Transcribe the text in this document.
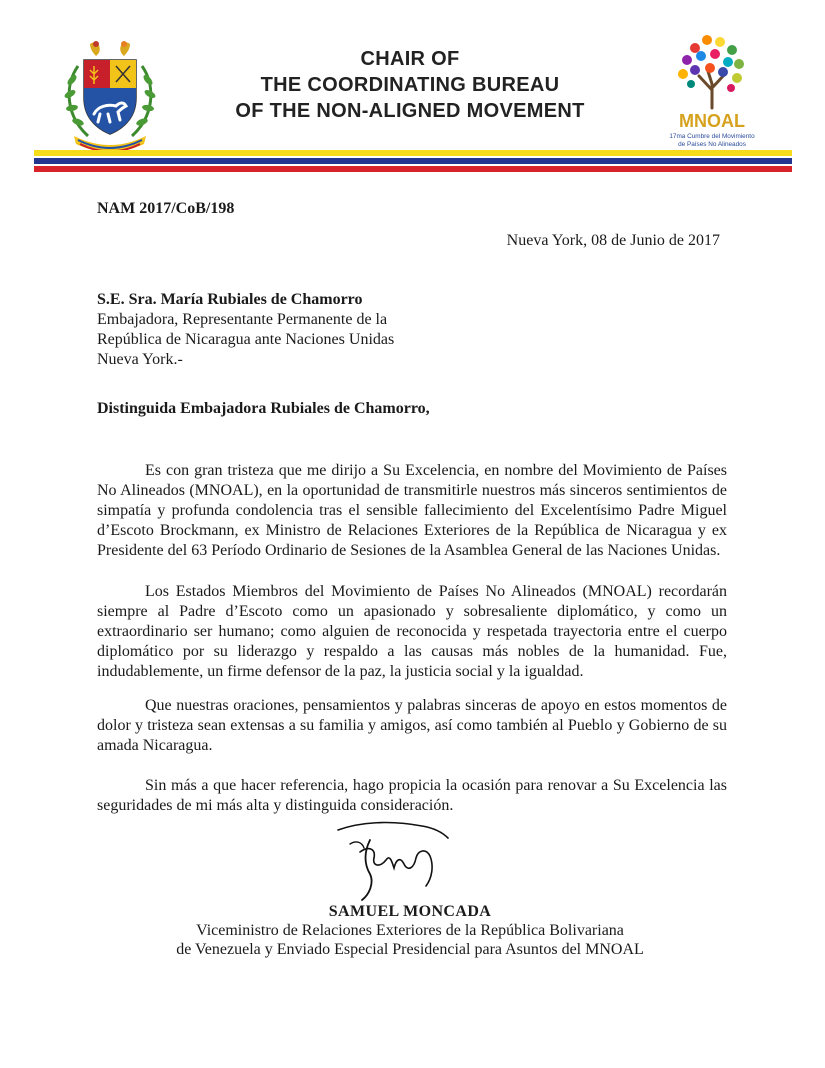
CHAIR OF
THE COORDINATING BUREAU
OF THE NON-ALIGNED MOVEMENT	MNOAL
17ma Cumbre del Movimiento
de Países No Alineados
NAM 2017/CoB/198
Nueva York, 08 de Junio de 2017
S.E. Sra. María Rubiales de Chamorro
Embajadora, Representante Permanente de la
República de Nicaragua ante Naciones Unidas
Nueva York.-
Distinguida Embajadora Rubiales de Chamorro,
Es con gran tristeza que me dirijo a Su Excelencia, en nombre del Movimiento de Países No Alineados (MNOAL), en la oportunidad de transmitirle nuestros más sinceros sentimientos de simpatía y profunda condolencia tras el sensible fallecimiento del Excelentísimo Padre Miguel d’Escoto Brockmann, ex Ministro de Relaciones Exteriores de la República de Nicaragua y ex Presidente del 63 Período Ordinario de Sesiones de la Asamblea General de las Naciones Unidas.
Los Estados Miembros del Movimiento de Países No Alineados (MNOAL) recordarán siempre al Padre d’Escoto como un apasionado y sobresaliente diplomático, y como un extraordinario ser humano; como alguien de reconocida y respetada trayectoria entre el cuerpo diplomático por su liderazgo y respaldo a las causas más nobles de la humanidad. Fue, indudablemente, un firme defensor de la paz, la justicia social y la igualdad.
Que nuestras oraciones, pensamientos y palabras sinceras de apoyo en estos momentos de dolor y tristeza sean extensas a su familia y amigos, así como también al Pueblo y Gobierno de su amada Nicaragua.
Sin más a que hacer referencia, hago propicia la ocasión para renovar a Su Excelencia las seguridades de mi más alta y distinguida consideración.
SAMUEL MONCADA
Viceministro de Relaciones Exteriores de la República Bolivariana
de Venezuela y Enviado Especial Presidencial para Asuntos del MNOAL
